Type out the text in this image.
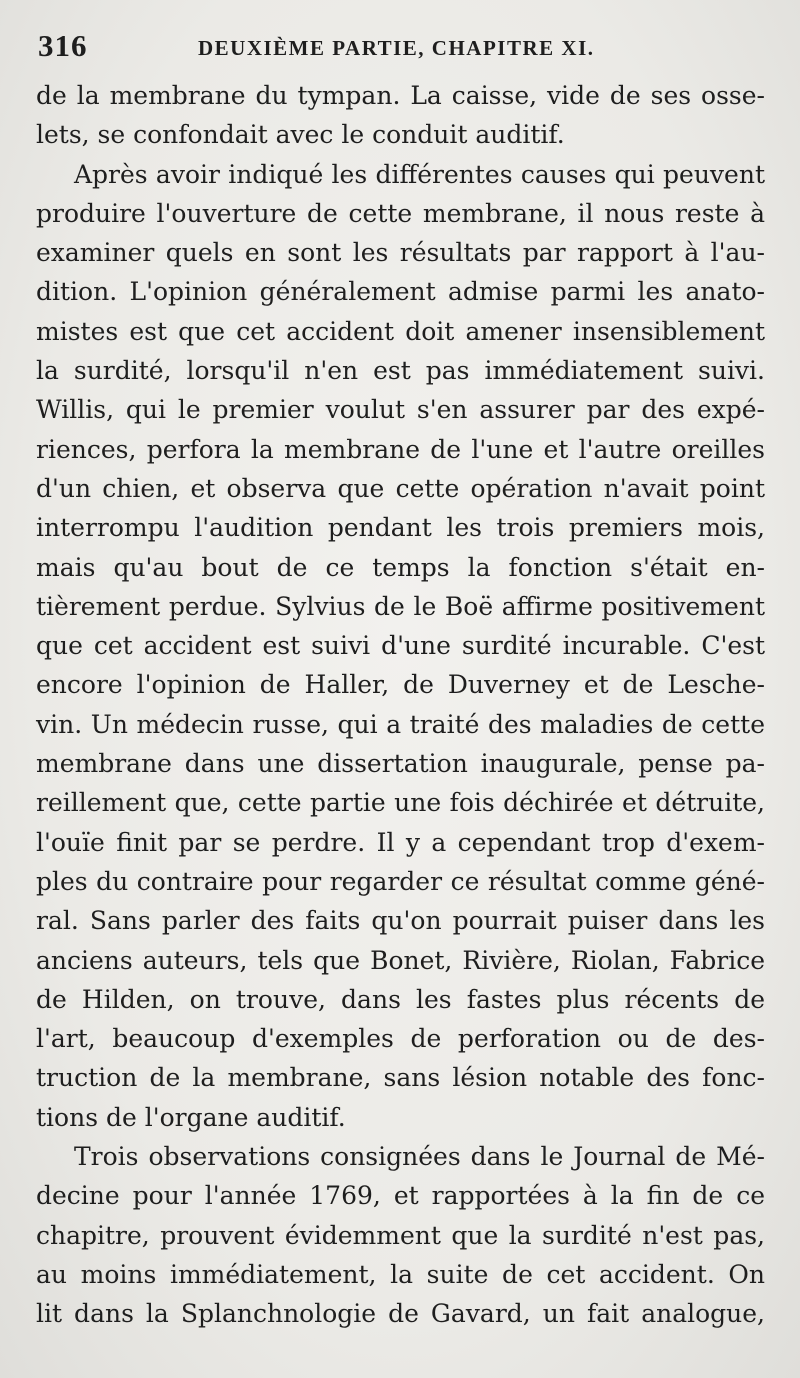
316	DEUXIÈME PARTIE, CHAPITRE XI.
de la membrane du tympan. La caisse, vide de ses osse-
lets, se confondait avec le conduit auditif.
Après avoir indiqué les différentes causes qui peuvent
produire l'ouverture de cette membrane, il nous reste à
examiner quels en sont les résultats par rapport à l'au-
dition. L'opinion généralement admise parmi les anato-
mistes est que cet accident doit amener insensiblement
la surdité, lorsqu'il n'en est pas immédiatement suivi.
Willis, qui le premier voulut s'en assurer par des expé-
riences, perfora la membrane de l'une et l'autre oreilles
d'un chien, et observa que cette opération n'avait point
interrompu l'audition pendant les trois premiers mois,
mais qu'au bout de ce temps la fonction s'était en-
tièrement perdue. Sylvius de le Boë affirme positivement
que cet accident est suivi d'une surdité incurable. C'est
encore l'opinion de Haller, de Duverney et de Lesche-
vin. Un médecin russe, qui a traité des maladies de cette
membrane dans une dissertation inaugurale, pense pa-
reillement que, cette partie une fois déchirée et détruite,
l'ouïe finit par se perdre. Il y a cependant trop d'exem-
ples du contraire pour regarder ce résultat comme géné-
ral. Sans parler des faits qu'on pourrait puiser dans les
anciens auteurs, tels que Bonet, Rivière, Riolan, Fabrice
de Hilden, on trouve, dans les fastes plus récents de
l'art, beaucoup d'exemples de perforation ou de des-
truction de la membrane, sans lésion notable des fonc-
tions de l'organe auditif.
Trois observations consignées dans le Journal de Mé-
decine pour l'année 1769, et rapportées à la fin de ce
chapitre, prouvent évidemment que la surdité n'est pas,
au moins immédiatement, la suite de cet accident. On
lit dans la Splanchnologie de Gavard, un fait analogue,
